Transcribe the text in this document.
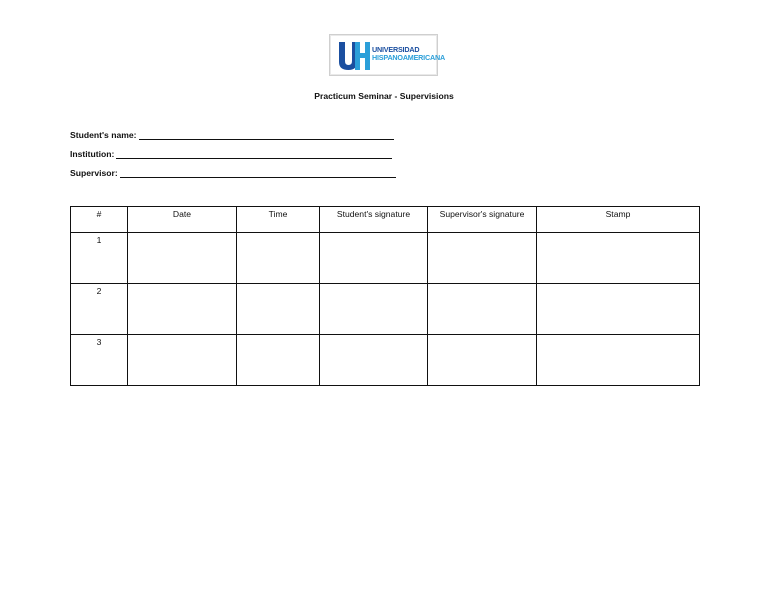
UNIVERSIDAD
HISPANOAMERICANA
Practicum Seminar - Supervisions
Student's name:
Institution:
Supervisor:
#	Date	Time	Student's signature	Supervisor's signature	Stamp
1					
2					
3					
